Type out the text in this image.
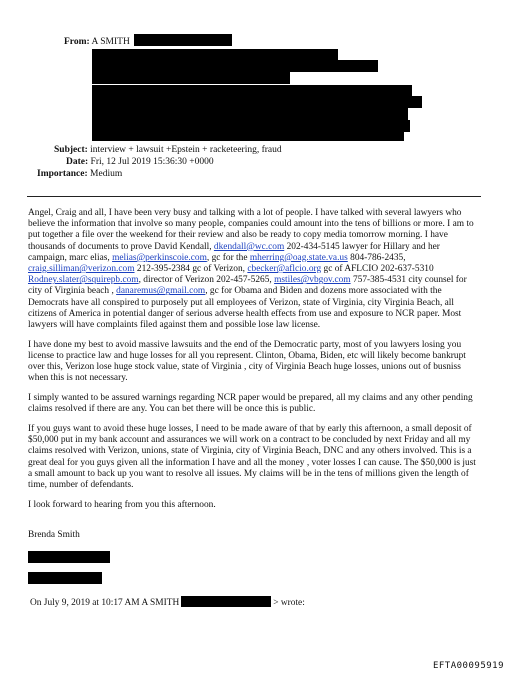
From: A SMITH
Subject: interview + lawsuit +Epstein + racketeering, fraud
Date: Fri, 12 Jul 2019 15:36:30 +0000
Importance: Medium

Angel, Craig and all, I have been very busy and talking with a lot of people. I have talked with several lawyers who believe the information that involve so many people, companies could amount into the tens of billions or more. I am to put together a file over the weekend for their review and also be ready to copy media tomorrow morning. I have thousands of documents to prove David Kendall, dkendall@wc.com 202-434-5145 lawyer for Hillary and her campaign, marc elias, melias@perkinscoie.com, gc for the mherring@oag.state.va.us 804-786-2435, craig.silliman@verizon.com 212-395-2384 gc of Verizon, cbecker@aflcio.org gc of AFLCIO 202-637-5310 Rodney.slater@squirepb.com, director of Verizon 202-457-5265, mstiles@vbgov.com 757-385-4531 city counsel for city of Virginia beach , danaremus@gmail.com, gc for Obama and Biden and dozens more associated with the Democrats have all conspired to purposely put all employees of Verizon, state of Virginia, city Virginia Beach, all citizens of America in potential danger of serious adverse health effects from use and exposure to NCR paper. Most lawyers will have complaints filed against them and possible lose law license.

I have done my best to avoid massive lawsuits and the end of the Democratic party, most of you lawyers losing you license to practice law and huge losses for all you represent. Clinton, Obama, Biden, etc will likely become bankrupt over this, Verizon lose huge stock value, state of Virginia , city of Virginia Beach huge losses, unions out of busniss when this is not necessary.

I simply wanted to be assured warnings regarding NCR paper would be prepared, all my claims and any other pending claims resolved if there are any. You can bet there will be once this is public.

If you guys want to avoid these huge losses, I need to be made aware of that by early this afternoon, a small deposit of $50,000 put in my bank account and assurances we will work on a contract to be concluded by next Friday and all my claims resolved with Verizon, unions, state of Virginia, city of Virginia Beach, DNC and any others involved. This is a great deal for you guys given all the information I have and all the money , voter losses I can cause. The $50,000 is just a small amount to back up you want to resolve all issues. My claims will be in the tens of millions given the length of time, number of defendants.

I look forward to hearing from you this afternoon.

Brenda Smith
On July 9, 2019 at 10:17 AM A SMITH	> wrote:
EFTA00095919
